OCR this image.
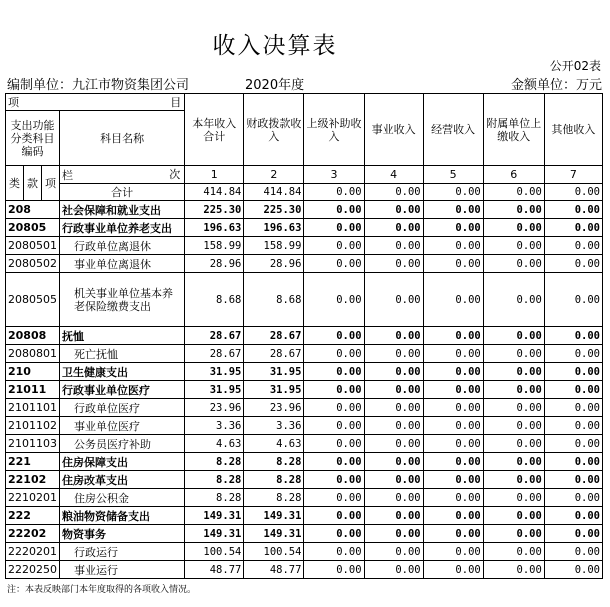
收入决算表
公开02表
编制单位：九江市物资集团公司	2020年度	金额单位：万元
项 目				本年收入合计	财政拨款收入	上级补助收入	事业收入	经营收入	附属单位上缴收入	其他收入
支出功能分类科目编码			科目名称							
类	款	项	栏 次	1	2	3	4	5	6	7
			合计	414.84	414.84	0.00	0.00	0.00	0.00	0.00
208			社会保障和就业支出	225.30	225.30	0.00	0.00	0.00	0.00	0.00
20805			行政事业单位养老支出	196.63	196.63	0.00	0.00	0.00	0.00	0.00
2080501			行政单位离退休	158.99	158.99	0.00	0.00	0.00	0.00	0.00
2080502			事业单位离退休	28.96	28.96	0.00	0.00	0.00	0.00	0.00
2080505			机关事业单位基本养老保险缴费支出	8.68	8.68	0.00	0.00	0.00	0.00	0.00
20808			抚恤	28.67	28.67	0.00	0.00	0.00	0.00	0.00
2080801			死亡抚恤	28.67	28.67	0.00	0.00	0.00	0.00	0.00
210			卫生健康支出	31.95	31.95	0.00	0.00	0.00	0.00	0.00
21011			行政事业单位医疗	31.95	31.95	0.00	0.00	0.00	0.00	0.00
2101101			行政单位医疗	23.96	23.96	0.00	0.00	0.00	0.00	0.00
2101102			事业单位医疗	3.36	3.36	0.00	0.00	0.00	0.00	0.00
2101103			公务员医疗补助	4.63	4.63	0.00	0.00	0.00	0.00	0.00
221			住房保障支出	8.28	8.28	0.00	0.00	0.00	0.00	0.00
22102			住房改革支出	8.28	8.28	0.00	0.00	0.00	0.00	0.00
2210201			住房公积金	8.28	8.28	0.00	0.00	0.00	0.00	0.00
222			粮油物资储备支出	149.31	149.31	0.00	0.00	0.00	0.00	0.00
22202			物资事务	149.31	149.31	0.00	0.00	0.00	0.00	0.00
2220201			行政运行	100.54	100.54	0.00	0.00	0.00	0.00	0.00
2220250			事业运行	48.77	48.77	0.00	0.00	0.00	0.00	0.00
注：本表反映部门本年度取得的各项收入情况。
